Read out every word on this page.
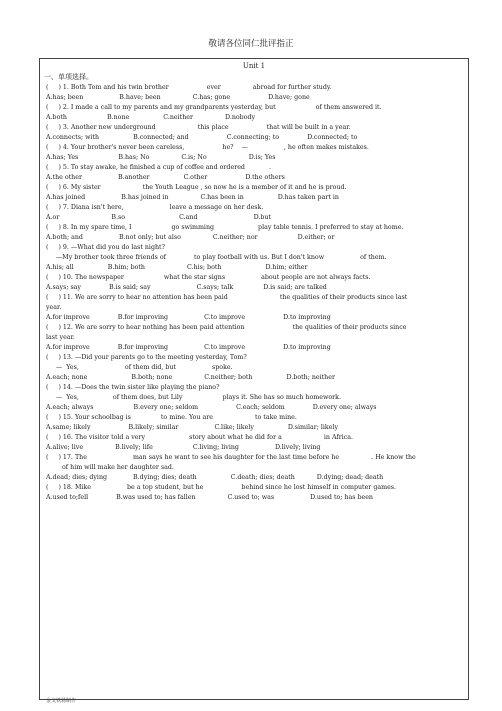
敬请各位同仁批评指正
Unit 1
一、单项选择。
(     ) 1. Both Tom and his twin brother                   ever                abroad for further study.
A.has; been                  B.have; been                C.has; gone                   D.have; gone
(     ) 2. I made a call to my parents and my grandparents yesterday, but                    of them answered it.
A.both                    B.none                 C.neither                D.nobody
(     ) 3. Another new underground                     this place                   that will be built in a year.
A.connects; with                 B.connected; and                   C.connecting; to              D.connected; to
(     ) 4. Your brother's never been careless,                   he?    —                  , he often makes mistakes.
A.has; Yes                    B.has; No                C.is; No                     D.is; Yes
(     ) 5. To stay awake, he finished a cup of coffee and ordered            .
A.the other                  B.another                 C.other                   D.the others
(     ) 6. My sister                     the Youth League , so now he is a member of it and he is proud.
A.has joined                  B.has joined in                C.has been in                 D.has taken part in
(     ) 7. Diana isn't here,                       leave a message on her desk.
A.or                          B.so                           C.and                            D.but
(     ) 8. In my spare time, I                    go swimming                      play table tennis. I preferred to stay at home.
A.both; and                  B.not only; but also                C.neither; nor                    D.either; or
(     ) 9. —What did you do last night?
—My brother took three friends of              to play football with us. But I don't know                  of them.
A.his; all                 B.him; both                     C.his; both                      D.him; either
(     ) 10. The newspaper                    what the star signs                  about people are not always facts.
A.says; say              B.is said; say                       C.says; talk               D.is said; are talked
(     ) 11. We are sorry to hear no attention has been paid                          the qualities of their products since last
year.
A.for improve              B.for improving                  C.to improve                   D.to improving
(     ) 12. We are sorry to hear nothing has been paid attention                        the qualities of their products since
last year.
A.for improve              B.for improving                  C.to improve                   D.to improving
(     ) 13. —Did your parents go to the meeting yesterday, Tom?
—  Yes,                       of them did, but                  spoke.
A.each; none                      B.both; none                C.neither; both                 D.both; neither
(     ) 14. —Does the twin sister like playing the piano?
—  Yes,                 of them does, but Lily                    plays it. She has so much homework.
A.each; always                    B.every one; seldom                   C.each; seldom              D.every one; always
(     ) 15. Your schoolbag is               to mine. You are                     to take mine.
A.same; likely                   B.likely; similar                  C.like; likely                 D.similar; likely
(     ) 16. The visitor told a very                      story about what he did for a                     in Africa.
A.alive; live                B.lively; life                    C.living; living                  D.lively; living
(     ) 17. The                       man says he want to see his daughter for the last time before he                . He know the
of him will make her daughter sad.
A.dead; dies; dying             B.dying; dies; death                 C.death; dies; death           D.dying; dead; death
(     ) 18. Mike                  be a top student, but he                   behind since he lost himself in computer games.
A.used to;fell              B.was used to; has fallen                C.used to; was                  D.used to; has been
金戈铁骑制作
